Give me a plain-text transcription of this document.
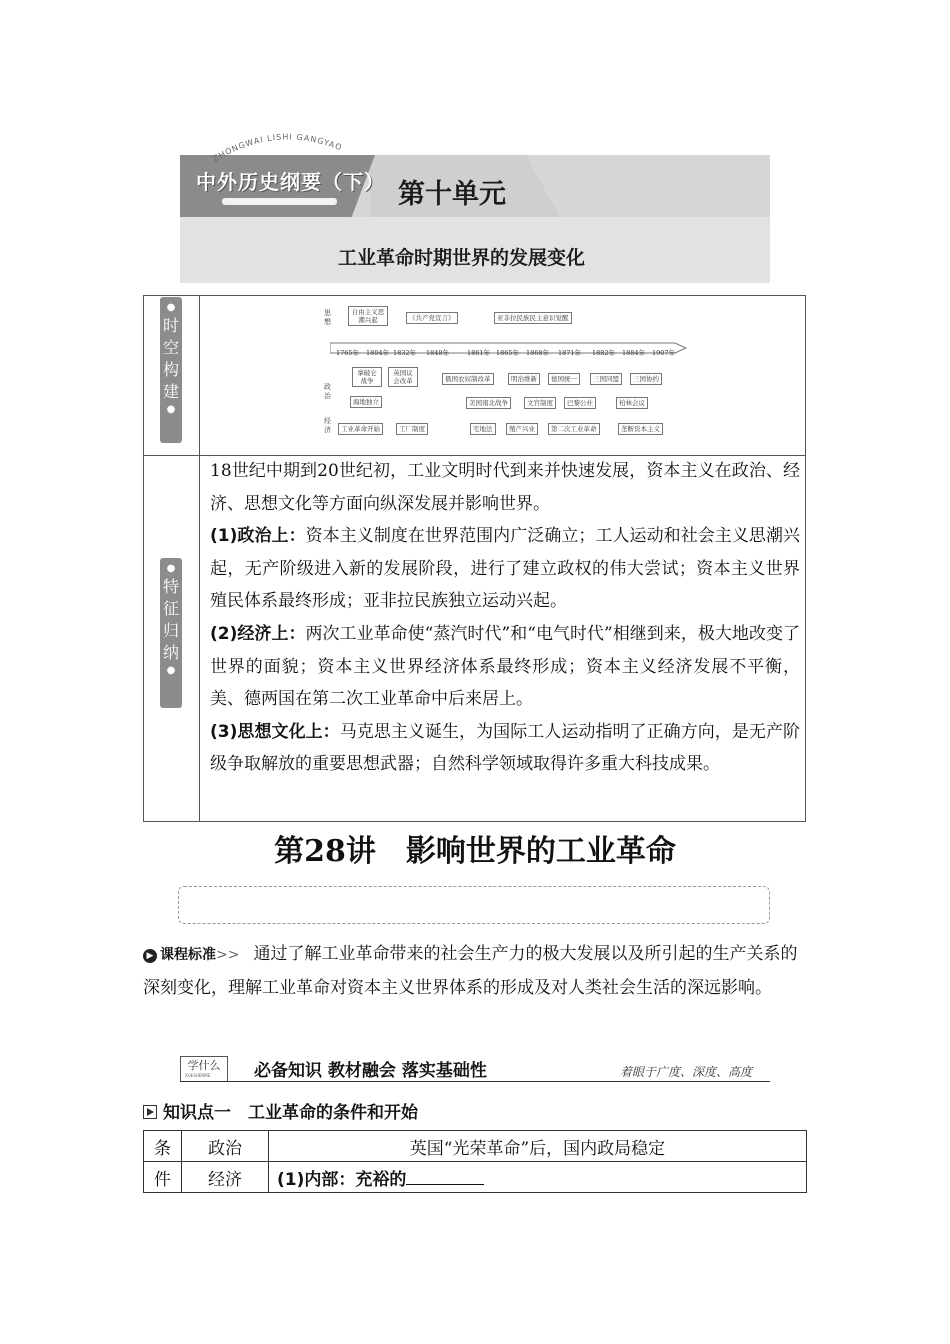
ZHONGWAI LISHI GANGYAO
中外历史纲要（下） 第十单元
工业革命时期世界的发展变化
●
时空构建
●
●
特征归纳
●
思想
政治
经济
1765年 1804年 1832年 1848年	1861年 1865年 1868年 1871年 1882年 1884年 1907年
自由主义思潮兴起	《共产党宣言》	亚非拉民族民主意识觉醒
拿破仑战争
英国议会改革
海地独立
俄国农奴制改革	明治维新	德国统一	三国同盟	三国协约
美国南北战争	文官制度	巴黎公社	柏林会议
工业革命开始	工厂制度	宅地法	殖产兴业	第二次工业革命	垄断资本主义

18世纪中期到20世纪初，工业文明时代到来并快速发展，资本主义在政治、经济、思想文化等方面向纵深发展并影响世界。

(1)政治上：资本主义制度在世界范围内广泛确立；工人运动和社会主义思潮兴起，无产阶级进入新的发展阶段，进行了建立政权的伟大尝试；资本主义世界殖民体系最终形成；亚非拉民族独立运动兴起。

(2)经济上：两次工业革命使“蒸汽时代”和“电气时代”相继到来，极大地改变了世界的面貌；资本主义世界经济体系最终形成；资本主义经济发展不平衡，美、德两国在第二次工业革命中后来居上。

(3)思想文化上：马克思主义诞生，为国际工人运动指明了正确方向，是无产阶级争取解放的重要思想武器；自然科学领域取得许多重大科技成果。

第28讲　影响世界的工业革命
▶ 课程标准>> 通过了解工业革命带来的社会生产力的极大发展以及所引起的生产关系的深刻变化，理解工业革命对资本主义世界体系的形成及对人类社会生活的深远影响。
学什么
XUESHENME	必备知识 教材融会 落实基础性	着眼于广度、深度、高度
知识点一　工业革命的条件和开始
条	政治	英国“光荣革命”后，国内政局稳定
件	经济	(1)内部：充裕的
